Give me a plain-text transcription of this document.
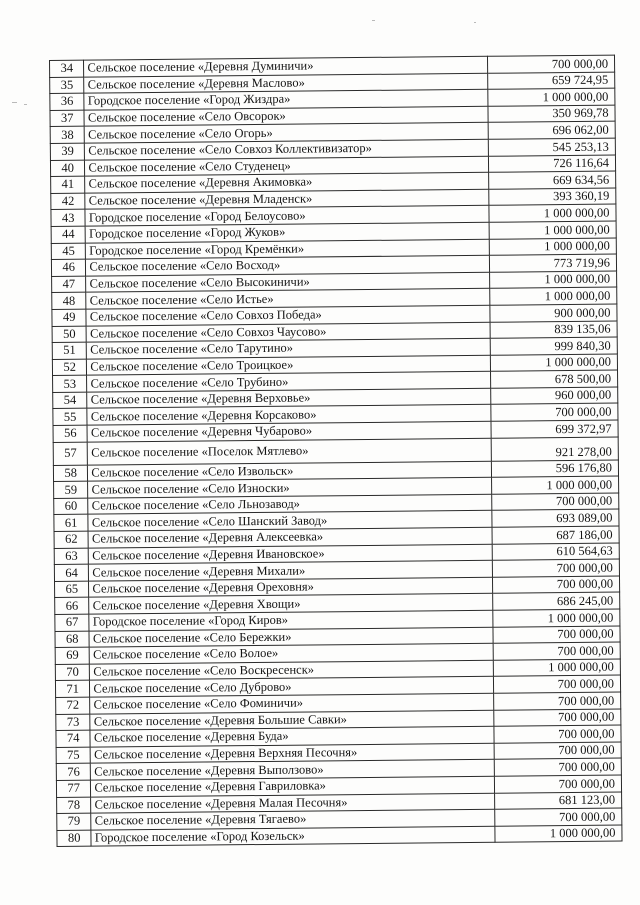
34	Сельское поселение «Деревня Думиничи»	700 000,00
35	Сельское поселение «Деревня Маслово»	659 724,95
36	Городское поселение «Город Жиздра»	1 000 000,00
37	Сельское поселение «Село Овсорок»	350 969,78
38	Сельское поселение «Село Огорь»	696 062,00
39	Сельское поселение «Село Совхоз Коллективизатор»	545 253,13
40	Сельское поселение «Село Студенец»	726 116,64
41	Сельское поселение «Деревня Акимовка»	669 634,56
42	Сельское поселение «Деревня Младенск»	393 360,19
43	Городское поселение «Город Белоусово»	1 000 000,00
44	Городское поселение «Город Жуков»	1 000 000,00
45	Городское поселение «Город Кремёнки»	1 000 000,00
46	Сельское поселение «Село Восход»	773 719,96
47	Сельское поселение «Село Высокиничи»	1 000 000,00
48	Сельское поселение «Село Истье»	1 000 000,00
49	Сельское поселение «Село Совхоз Победа»	900 000,00
50	Сельское поселение «Село Совхоз Чаусово»	839 135,06
51	Сельское поселение «Село Тарутино»	999 840,30
52	Сельское поселение «Село Троицкое»	1 000 000,00
53	Сельское поселение «Село Трубино»	678 500,00
54	Сельское поселение «Деревня Верховье»	960 000,00
55	Сельское поселение «Деревня Корсаково»	700 000,00
56	Сельское поселение «Деревня Чубарово»	699 372,97
57	Сельское поселение «Поселок Мятлево»	921 278,00
58	Сельское поселение «Село Извольск»	596 176,80
59	Сельское поселение «Село Износки»	1 000 000,00
60	Сельское поселение «Село Льнозавод»	700 000,00
61	Сельское поселение «Село Шанский Завод»	693 089,00
62	Сельское поселение «Деревня Алексеевка»	687 186,00
63	Сельское поселение «Деревня Ивановское»	610 564,63
64	Сельское поселение «Деревня Михали»	700 000,00
65	Сельское поселение «Деревня Ореховня»	700 000,00
66	Сельское поселение «Деревня Хвощи»	686 245,00
67	Городское поселение «Город Киров»	1 000 000,00
68	Сельское поселение «Село Бережки»	700 000,00
69	Сельское поселение «Село Волое»	700 000,00
70	Сельское поселение «Село Воскресенск»	1 000 000,00
71	Сельское поселение «Село Дуброво»	700 000,00
72	Сельское поселение «Село Фоминичи»	700 000,00
73	Сельское поселение «Деревня Большие Савки»	700 000,00
74	Сельское поселение «Деревня Буда»	700 000,00
75	Сельское поселение «Деревня Верхняя Песочня»	700 000,00
76	Сельское поселение «Деревня Выползово»	700 000,00
77	Сельское поселение «Деревня Гавриловка»	700 000,00
78	Сельское поселение «Деревня Малая Песочня»	681 123,00
79	Сельское поселение «Деревня Тягаево»	700 000,00
80	Городское поселение «Город Козельск»	1 000 000,00
